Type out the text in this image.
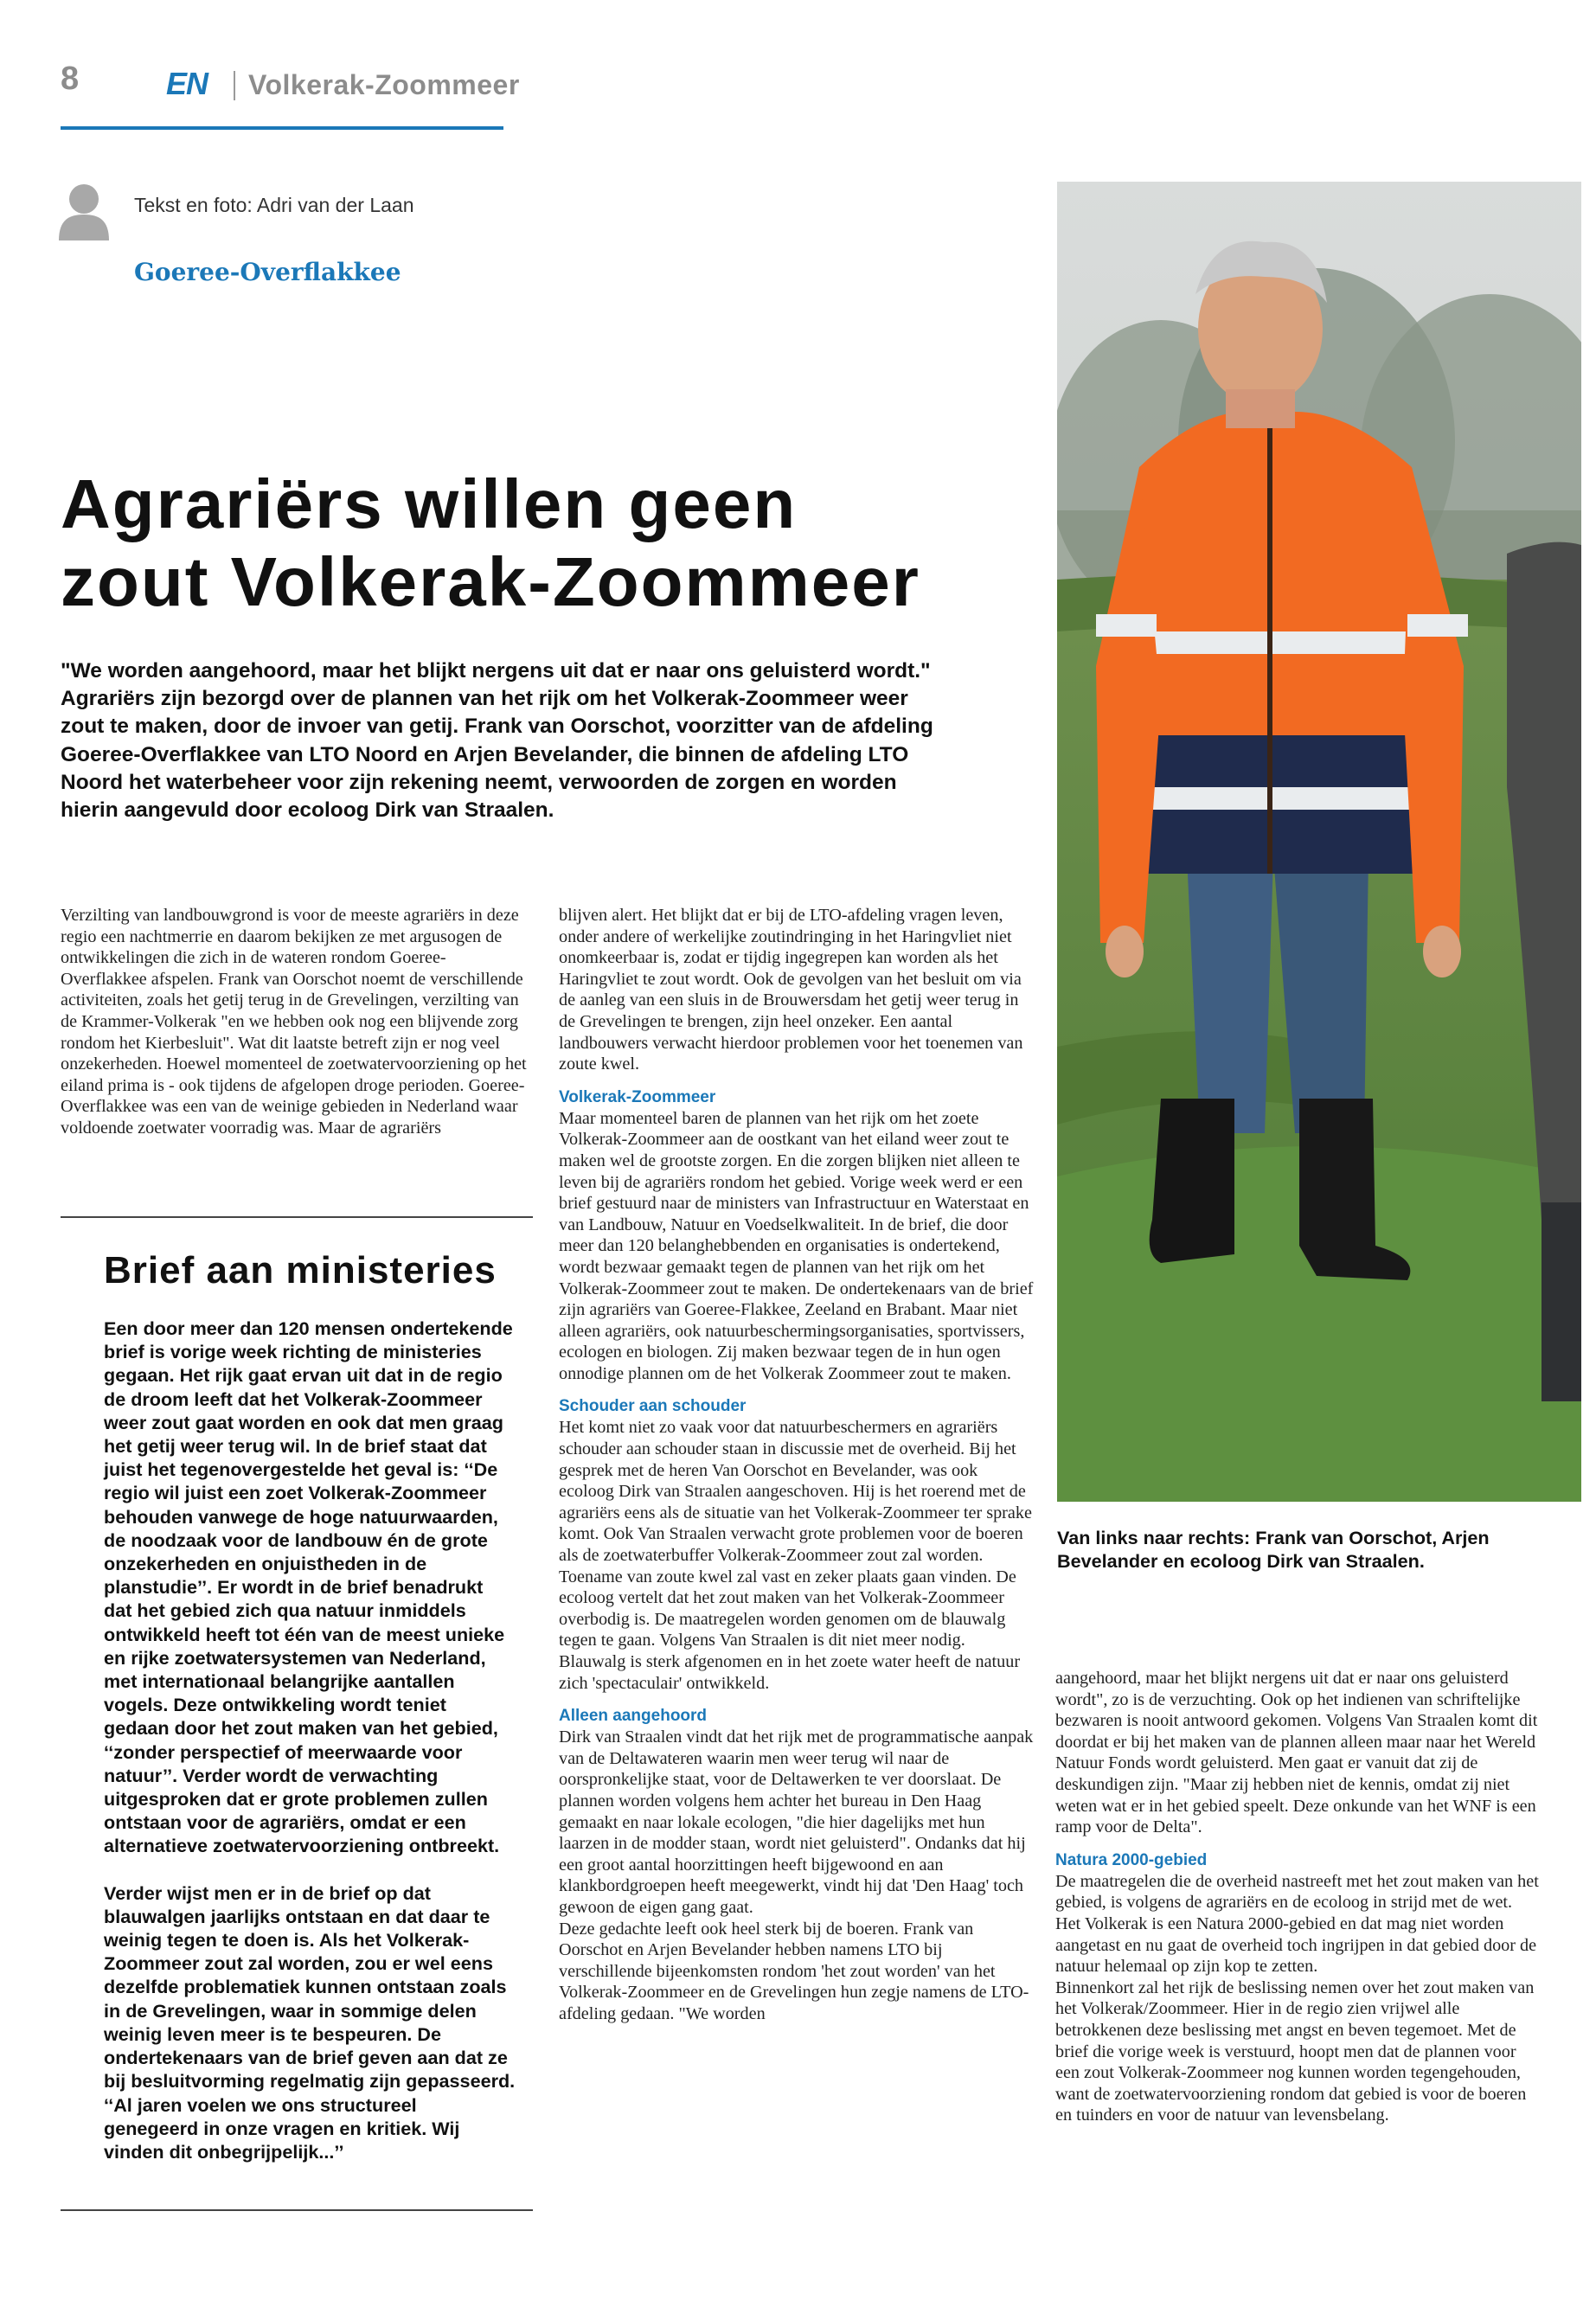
8	EN Volkerak-Zoommeer
Tekst en foto: Adri van der Laan
Goeree-Overflakkee
Agrariërs willen geen
zout Volkerak-Zoommeer

"We worden aangehoord, maar het blijkt nergens uit dat er naar ons geluisterd wordt." Agrariërs zijn bezorgd over de plannen van het rijk om het Volkerak-Zoommeer weer zout te maken, door de invoer van getij. Frank van Oorschot, voorzitter van de afdeling Goeree-Overflakkee van LTO Noord en Arjen Bevelander, die binnen de afdeling LTO Noord het waterbeheer voor zijn rekening neemt, verwoorden de zorgen en worden hierin aangevuld door ecoloog Dirk van Straalen.

Verzilting van landbouwgrond is voor de meeste agrariërs in deze regio een nachtmerrie en daarom bekijken ze met argusogen de ontwikkelingen die zich in de wateren rondom Goeree-Overflakkee afspelen. Frank van Oorschot noemt de verschillende activiteiten, zoals het getij terug in de Grevelingen, verzilting van de Krammer-Volkerak "en we hebben ook nog een blijvende zorg rondom het Kierbesluit". Wat dit laatste betreft zijn er nog veel onzekerheden. Hoewel momenteel de zoetwatervoorziening op het eiland prima is - ook tijdens de afgelopen droge perioden. Goeree-Overflakkee was een van de weinige gebieden in Nederland waar voldoende zoetwater voorradig was. Maar de agrariërs

Brief aan ministeries

Een door meer dan 120 mensen ondertekende brief is vorige week richting de ministeries gegaan. Het rijk gaat ervan uit dat in de regio de droom leeft dat het Volkerak-Zoommeer weer zout gaat worden en ook dat men graag het getij weer terug wil. In de brief staat dat juist het tegenovergestelde het geval is: ‘‘De regio wil juist een zoet Volkerak-Zoommeer behouden vanwege de hoge natuurwaarden, de noodzaak voor de landbouw én de grote onzekerheden en onjuistheden in de planstudie’’. Er wordt in de brief benadrukt dat het gebied zich qua natuur inmiddels ontwikkeld heeft tot één van de meest unieke en rijke zoetwatersystemen van Nederland, met internationaal belangrijke aantallen vogels. Deze ontwikkeling wordt teniet gedaan door het zout maken van het gebied, ‘‘zonder perspectief of meerwaarde voor natuur’’. Verder wordt de verwachting uitgesproken dat er grote problemen zullen ontstaan voor de agrariërs, omdat er een alternatieve zoetwatervoorziening ontbreekt.

Verder wijst men er in de brief op dat blauwalgen jaarlijks ontstaan en dat daar te weinig tegen te doen is. Als het Volkerak-Zoommeer zout zal worden, zou er wel eens dezelfde problematiek kunnen ontstaan zoals in de Grevelingen, waar in sommige delen weinig leven meer is te bespeuren. De ondertekenaars van de brief geven aan dat ze bij besluitvorming regelmatig zijn gepasseerd. ‘‘Al jaren voelen we ons structureel genegeerd in onze vragen en kritiek. Wij vinden dit onbegrijpelijk...’’

blijven alert. Het blijkt dat er bij de LTO-afdeling vragen leven, onder andere of werkelijke zoutindringing in het Haringvliet niet onomkeerbaar is, zodat er tijdig ingegrepen kan worden als het Haringvliet te zout wordt. Ook de gevolgen van het besluit om via de aanleg van een sluis in de Brouwersdam het getij weer terug in de Grevelingen te brengen, zijn heel onzeker. Een aantal landbouwers verwacht hierdoor problemen voor het toenemen van zoute kwel.

Volkerak-Zoommeer

Maar momenteel baren de plannen van het rijk om het zoete Volkerak-Zoommeer aan de oostkant van het eiland weer zout te maken wel de grootste zorgen. En die zorgen blijken niet alleen te leven bij de agrariërs rondom het gebied. Vorige week werd er een brief gestuurd naar de ministers van Infrastructuur en Waterstaat en van Landbouw, Natuur en Voedselkwaliteit. In de brief, die door meer dan 120 belanghebbenden en organisaties is ondertekend, wordt bezwaar gemaakt tegen de plannen van het rijk om het Volkerak-Zoommeer zout te maken. De ondertekenaars van de brief zijn agrariërs van Goeree-Flakkee, Zeeland en Brabant. Maar niet alleen agrariërs, ook natuurbeschermingsorganisaties, sportvissers, ecologen en biologen. Zij maken bezwaar tegen de in hun ogen onnodige plannen om de het Volkerak Zoommeer zout te maken.

Schouder aan schouder

Het komt niet zo vaak voor dat natuurbeschermers en agrariërs schouder aan schouder staan in discussie met de overheid. Bij het gesprek met de heren Van Oorschot en Bevelander, was ook ecoloog Dirk van Straalen aangeschoven. Hij is het roerend met de agrariërs eens als de situatie van het Volkerak-Zoommeer ter sprake komt. Ook Van Straalen verwacht grote problemen voor de boeren als de zoetwaterbuffer Volkerak-Zoommeer zout zal worden. Toename van zoute kwel zal vast en zeker plaats gaan vinden. De ecoloog vertelt dat het zout maken van het Volkerak-Zoommeer overbodig is. De maatregelen worden genomen om de blauwalg tegen te gaan. Volgens Van Straalen is dit niet meer nodig. Blauwalg is sterk afgenomen en in het zoete water heeft de natuur zich 'spectaculair' ontwikkeld.

Alleen aangehoord

Dirk van Straalen vindt dat het rijk met de programmatische aanpak van de Deltawateren waarin men weer terug wil naar de oorspronkelijke staat, voor de Deltawerken te ver doorslaat. De plannen worden volgens hem achter het bureau in Den Haag gemaakt en naar lokale ecologen, "die hier dagelijks met hun laarzen in de modder staan, wordt niet geluisterd". Ondanks dat hij een groot aantal hoorzittingen heeft bijgewoond en aan klankbordgroepen heeft meegewerkt, vindt hij dat 'Den Haag' toch gewoon de eigen gang gaat.

Deze gedachte leeft ook heel sterk bij de boeren. Frank van Oorschot en Arjen Bevelander hebben namens LTO bij verschillende bijeenkomsten rondom 'het zout worden' van het Volkerak-Zoommeer en de Grevelingen hun zegje namens de LTO-afdeling gedaan. "We worden

Van links naar rechts: Frank van Oorschot, Arjen Bevelander en ecoloog Dirk van Straalen.

aangehoord, maar het blijkt nergens uit dat er naar ons geluisterd wordt", zo is de verzuchting. Ook op het indienen van schriftelijke bezwaren is nooit antwoord gekomen. Volgens Van Straalen komt dit doordat er bij het maken van de plannen alleen maar naar het Wereld Natuur Fonds wordt geluisterd. Men gaat er vanuit dat zij de deskundigen zijn. "Maar zij hebben niet de kennis, omdat zij niet weten wat er in het gebied speelt. Deze onkunde van het WNF is een ramp voor de Delta".

Natura 2000-gebied

De maatregelen die de overheid nastreeft met het zout maken van het gebied, is volgens de agrariërs en de ecoloog in strijd met de wet. Het Volkerak is een Natura 2000-gebied en dat mag niet worden aangetast en nu gaat de overheid toch ingrijpen in dat gebied door de natuur helemaal op zijn kop te zetten.

Binnenkort zal het rijk de beslissing nemen over het zout maken van het Volkerak/Zoommeer. Hier in de regio zien vrijwel alle betrokkenen deze beslissing met angst en beven tegemoet. Met de brief die vorige week is verstuurd, hoopt men dat de plannen voor een zout Volkerak-Zoommeer nog kunnen worden tegengehouden, want de zoetwatervoorziening rondom dat gebied is voor de boeren en tuinders en voor de natuur van levensbelang.
